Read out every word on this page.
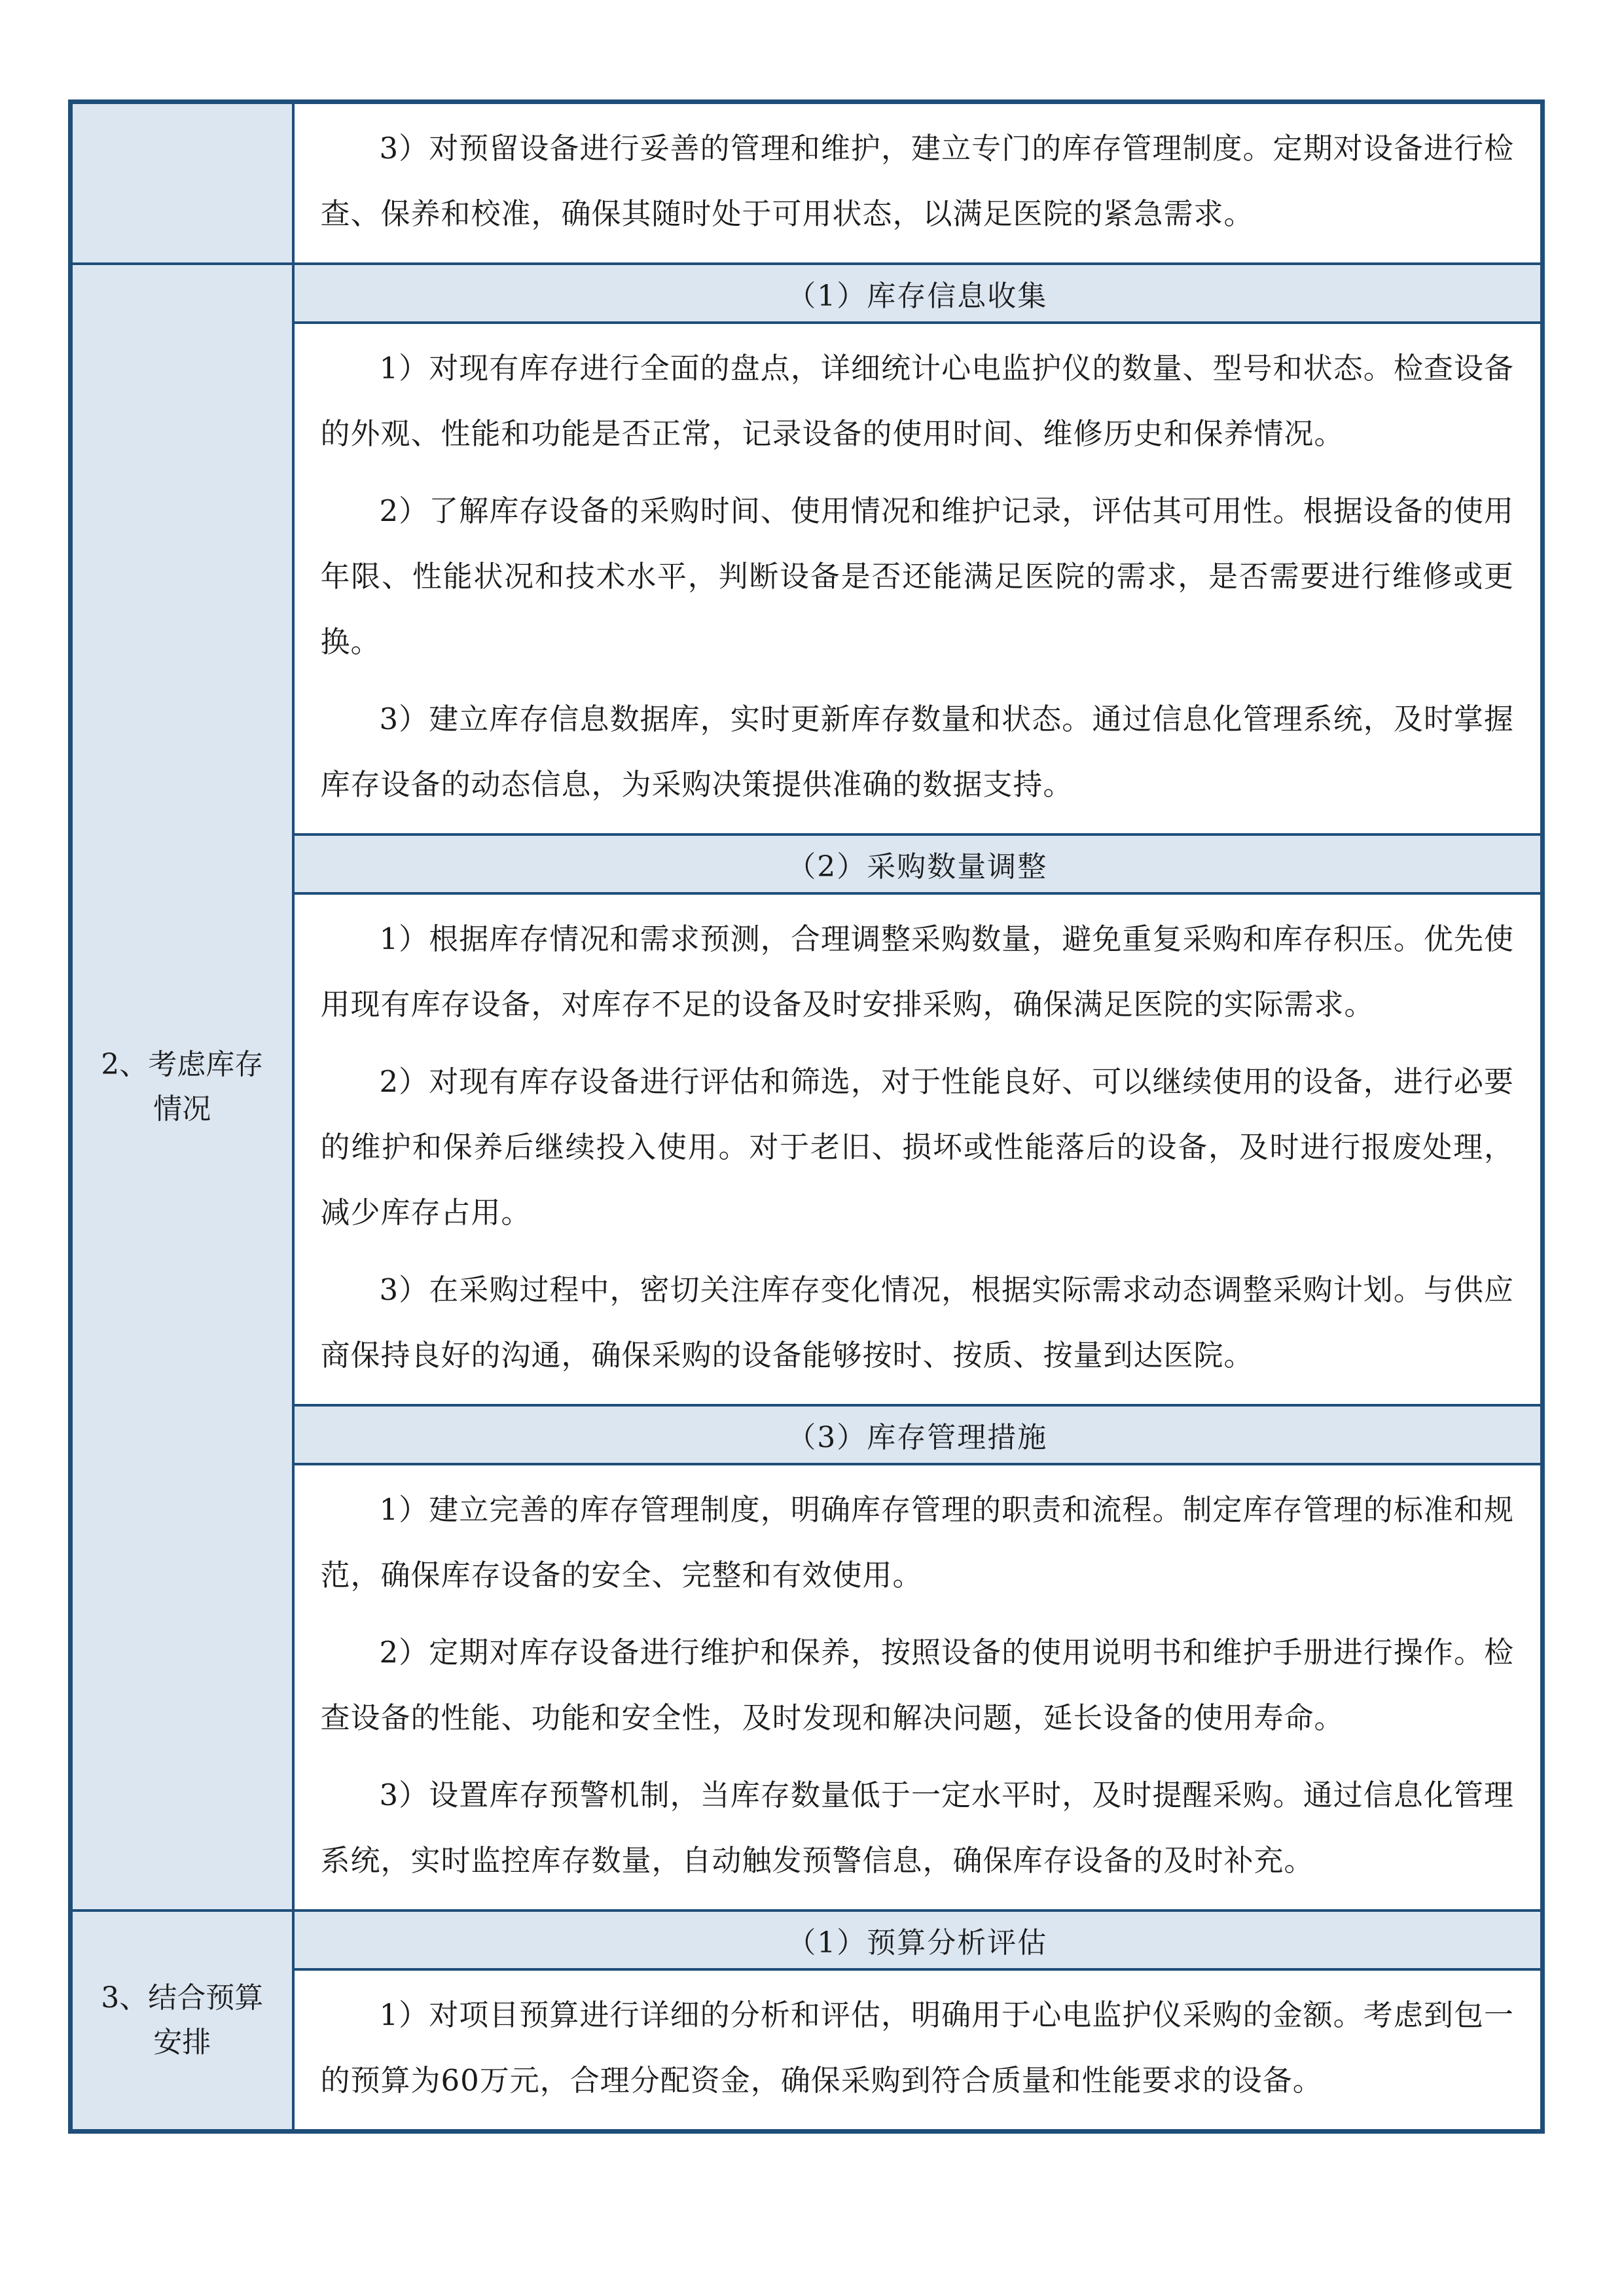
	3）对预留设备进行妥善的管理和维护，建立专门的库存管理制度。定期对设备进行检查、保养和校准，确保其随时处于可用状态，以满足医院的紧急需求。

2、考虑库存情况	（1）库存信息收集

	1）对现有库存进行全面的盘点，详细统计心电监护仪的数量、型号和状态。检查设备的外观、性能和功能是否正常，记录设备的使用时间、维修历史和保养情况。

2）了解库存设备的采购时间、使用情况和维护记录，评估其可用性。根据设备的使用年限、性能状况和技术水平，判断设备是否还能满足医院的需求，是否需要进行维修或更换。

3）建立库存信息数据库，实时更新库存数量和状态。通过信息化管理系统，及时掌握库存设备的动态信息，为采购决策提供准确的数据支持。

	（2）采购数量调整

	1）根据库存情况和需求预测，合理调整采购数量，避免重复采购和库存积压。优先使用现有库存设备，对库存不足的设备及时安排采购，确保满足医院的实际需求。

2）对现有库存设备进行评估和筛选，对于性能良好、可以继续使用的设备，进行必要的维护和保养后继续投入使用。对于老旧、损坏或性能落后的设备，及时进行报废处理，减少库存占用。

3）在采购过程中，密切关注库存变化情况，根据实际需求动态调整采购计划。与供应商保持良好的沟通，确保采购的设备能够按时、按质、按量到达医院。

	（3）库存管理措施

	1）建立完善的库存管理制度，明确库存管理的职责和流程。制定库存管理的标准和规范，确保库存设备的安全、完整和有效使用。

2）定期对库存设备进行维护和保养，按照设备的使用说明书和维护手册进行操作。检查设备的性能、功能和安全性，及时发现和解决问题，延长设备的使用寿命。

3）设置库存预警机制，当库存数量低于一定水平时，及时提醒采购。通过信息化管理系统，实时监控库存数量，自动触发预警信息，确保库存设备的及时补充。

3、结合预算安排	（1）预算分析评估

	1）对项目预算进行详细的分析和评估，明确用于心电监护仪采购的金额。考虑到包一的预算为60万元，合理分配资金，确保采购到符合质量和性能要求的设备。
